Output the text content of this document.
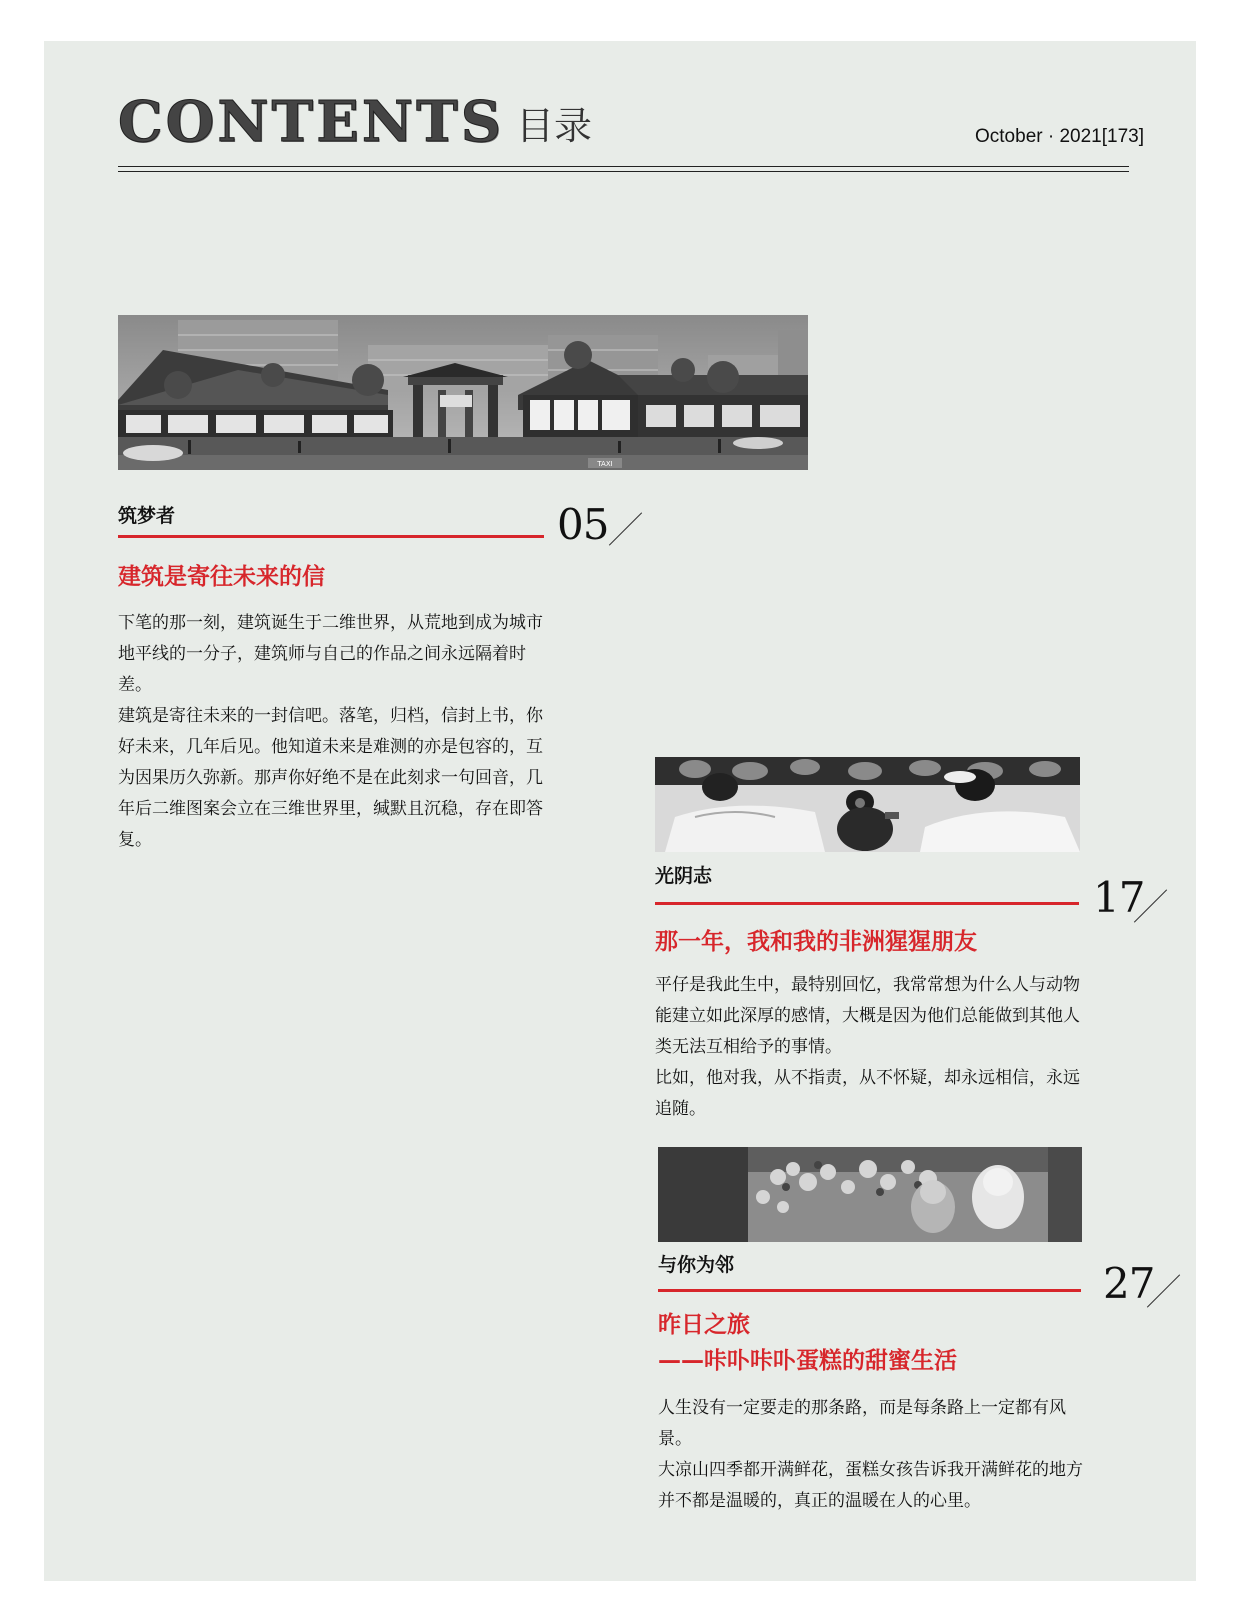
CONTENTS 目录	October · 2021[173]
TAXI
筑梦者	05
建筑是寄往未来的信

下笔的那一刻，建筑诞生于二维世界，从荒地到成为城市地平线的一分子，建筑师与自己的作品之间永远隔着时差。

建筑是寄往未来的一封信吧。落笔，归档，信封上书，你好未来，几年后见。他知道未来是难测的亦是包容的，互为因果历久弥新。那声你好绝不是在此刻求一句回音，几年后二维图案会立在三维世界里，缄默且沉稳，存在即答复。

光阴志	17
那一年，我和我的非洲猩猩朋友

平仔是我此生中，最特别回忆，我常常想为什么人与动物能建立如此深厚的感情，大概是因为他们总能做到其他人类无法互相给予的事情。

比如，他对我，从不指责，从不怀疑，却永远相信，永远追随。

与你为邻	27
昨日之旅
——咔卟咔卟蛋糕的甜蜜生活

人生没有一定要走的那条路，而是每条路上一定都有风景。

大凉山四季都开满鲜花，蛋糕女孩告诉我开满鲜花的地方并不都是温暖的，真正的温暖在人的心里。
